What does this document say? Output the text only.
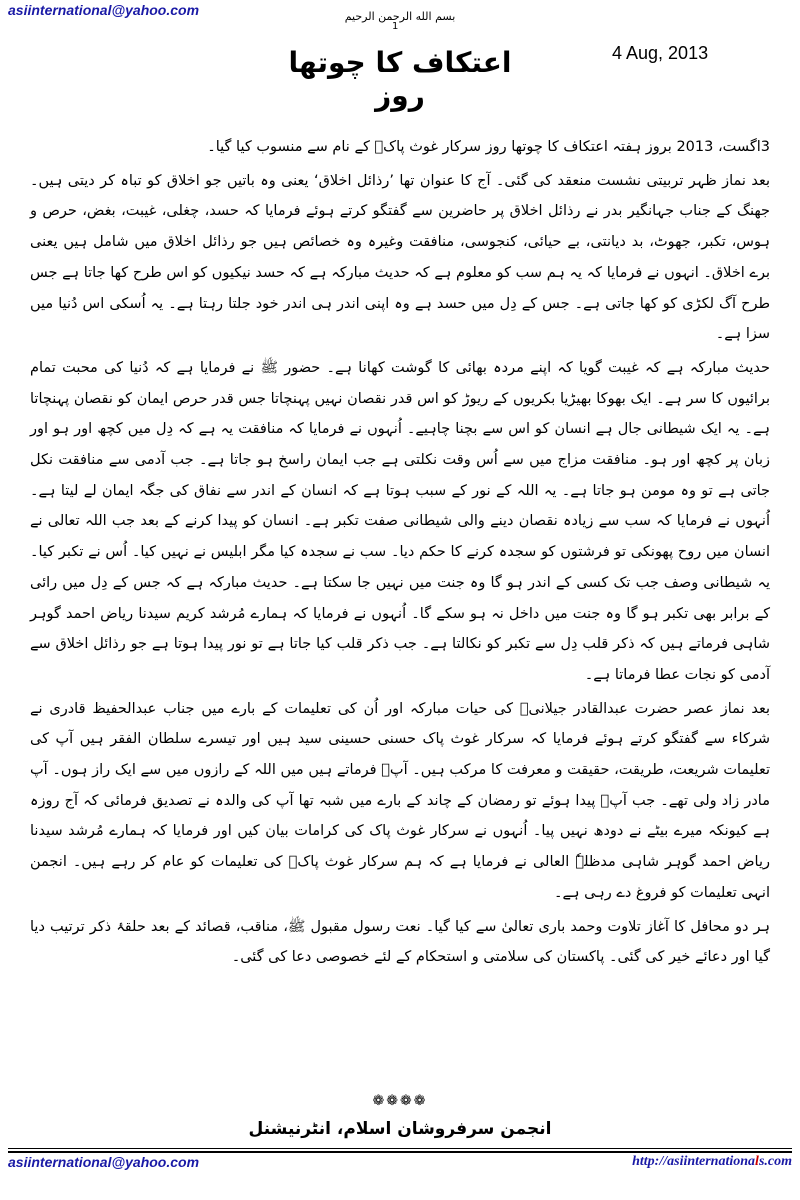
asiinternational@yahoo.com	بسم الله الرحمن الرحیم
1
4 Aug, 2013
اعتکاف کا چوتھا روز

3اگست، 2013 بروز ہفتہ اعتکاف کا چوتھا روز سرکار غوث پاکؓ کے نام سے منسوب کیا گیا۔

بعد نماز ظہر تربیتی نشست منعقد کی گئی۔ آج کا عنوان تھا ’رذائل اخلاق‘ یعنی وہ باتیں جو اخلاق کو تباہ کر دیتی ہیں۔ جھنگ کے جناب جہانگیر بدر نے رذائل اخلاق پر حاضرین سے گفتگو کرتے ہوئے فرمایا کہ حسد، چغلی، غیبت، بغض، حرص و ہوس، تکبر، جھوٹ، بد دیانتی، بے حیائی، کنجوسی، منافقت وغیرہ وہ خصائص ہیں جو رذائل اخلاق میں شامل ہیں یعنی برے اخلاق۔ انہوں نے فرمایا کہ یہ ہم سب کو معلوم ہے کہ حدیث مبارکہ ہے کہ حسد نیکیوں کو اس طرح کھا جاتا ہے جس طرح آگ لکڑی کو کھا جاتی ہے۔ جس کے دِل میں حسد ہے وہ اپنی اندر ہی اندر خود جلتا رہتا ہے۔ یہ اُسکی اس دُنیا میں سزا ہے۔

حدیث مبارکہ ہے کہ غیبت گویا کہ اپنے مردہ بھائی کا گوشت کھانا ہے۔ حضور ﷺ نے فرمایا ہے کہ دُنیا کی محبت تمام برائیوں کا سر ہے۔ ایک بھوکا بھیڑیا بکریوں کے ریوڑ کو اس قدر نقصان نہیں پہنچاتا جس قدر حرص ایمان کو نقصان پہنچاتا ہے۔ یہ ایک شیطانی جال ہے انسان کو اس سے بچنا چاہیے۔ اُنہوں نے فرمایا کہ منافقت یہ ہے کہ دِل میں کچھ اور ہو اور زبان پر کچھ اور ہو۔ منافقت مزاج میں سے اُس وقت نکلتی ہے جب ایمان راسخ ہو جاتا ہے۔ جب آدمی سے منافقت نکل جاتی ہے تو وہ مومن ہو جاتا ہے۔ یہ اللہ کے نور کے سبب ہوتا ہے کہ انسان کے اندر سے نفاق کی جگہ ایمان لے لیتا ہے۔ اُنہوں نے فرمایا کہ سب سے زیادہ نقصان دینے والی شیطانی صفت تکبر ہے۔ انسان کو پیدا کرنے کے بعد جب اللہ تعالی نے انسان میں روح پھونکی تو فرشتوں کو سجدہ کرنے کا حکم دیا۔ سب نے سجدہ کیا مگر ابلیس نے نہیں کیا۔ اُس نے تکبر کیا۔ یہ شیطانی وصف جب تک کسی کے اندر ہو گا وہ جنت میں نہیں جا سکتا ہے۔ حدیث مبارکہ ہے کہ جس کے دِل میں رائی کے برابر بھی تکبر ہو گا وہ جنت میں داخل نہ ہو سکے گا۔ اُنہوں نے فرمایا کہ ہمارے مُرشد کریم سیدنا ریاض احمد گوہر شاہی فرماتے ہیں کہ ذکر قلب دِل سے تکبر کو نکالتا ہے۔ جب ذکر قلب کیا جاتا ہے تو نور پیدا ہوتا ہے جو رذائل اخلاق سے آدمی کو نجات عطا فرماتا ہے۔

بعد نماز عصر حضرت عبدالقادر جیلانیؓ کی حیات مبارکہ اور اُن کی تعلیمات کے بارے میں جناب عبدالحفیظ قادری نے شرکاء سے گفتگو کرتے ہوئے فرمایا کہ سرکار غوث پاک حسنی حسینی سید ہیں اور تیسرے سلطان الفقر ہیں آپ کی تعلیمات شریعت، طریقت، حقیقت و معرفت کا مرکب ہیں۔ آپؓ فرماتے ہیں میں اللہ کے رازوں میں سے ایک راز ہوں۔ آپ مادر زاد ولی تھے۔ جب آپؓ پیدا ہوئے تو رمضان کے چاند کے بارے میں شبہ تھا آپ کی والدہ نے تصدیق فرمائی کہ آج روزہ ہے کیونکہ میرے بیٹے نے دودھ نہیں پیا۔ اُنہوں نے سرکار غوث پاک کی کرامات بیان کیں اور فرمایا کہ ہمارے مُرشد سیدنا ریاض احمد گوہر شاہی مدظلہٗ العالی نے فرمایا ہے کہ ہم سرکار غوث پاکؓ کی تعلیمات کو عام کر رہے ہیں۔ انجمن انہی تعلیمات کو فروغ دے رہی ہے۔

ہر دو محافل کا آغاز تلاوت وحمد باری تعالیٰ سے کیا گیا۔ نعت رسول مقبول ﷺ، مناقب، قصائد کے بعد حلقۂ ذکر ترتیب دیا گیا اور دعائے خیر کی گئی۔ پاکستان کی سلامتی و استحکام کے لئے خصوصی دعا کی گئی۔

❁❁❁❁
انجمن سرفروشان اسلام، انٹرنیشنل
asiinternational@yahoo.com	http://asiinternationals.com
